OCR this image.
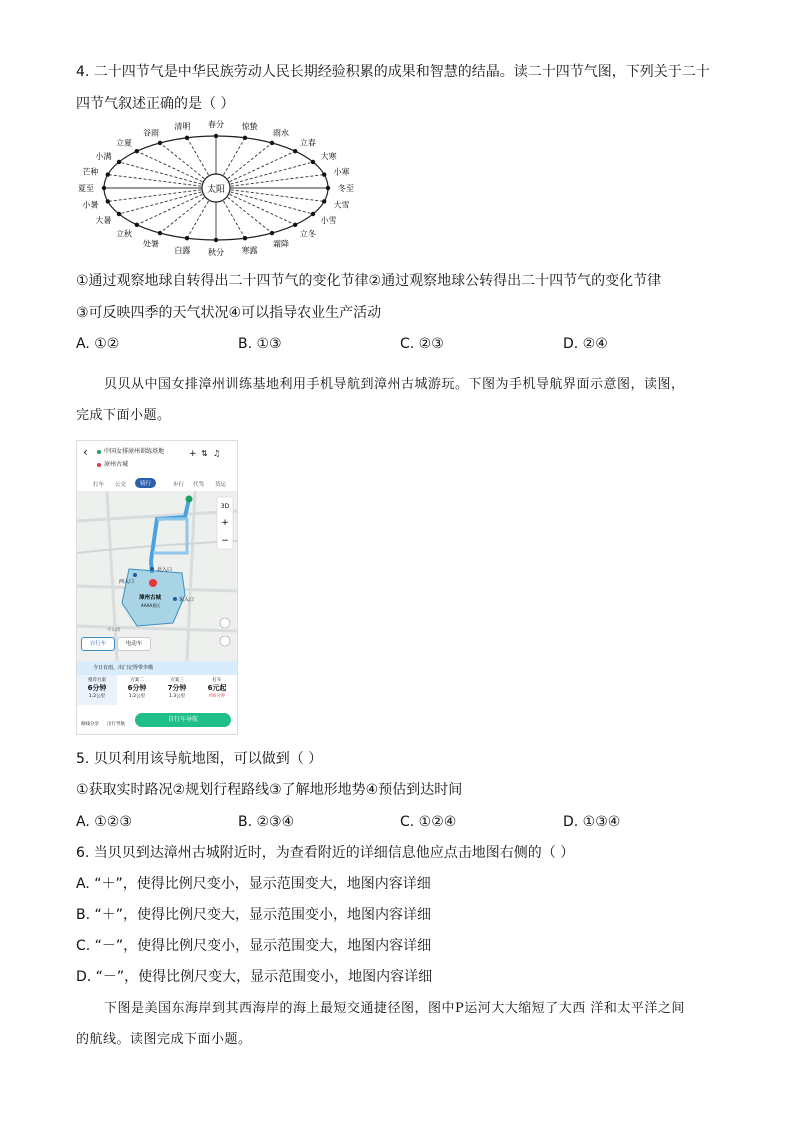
4. 二十四节气是中华民族劳动人民长期经验积累的成果和智慧的结晶。读二十四节气图，下列关于二十
四节气叙述正确的是（ ）
太阳
春分 惊蛰
雨水
立春
大寒
小寒
冬至
大雪
小雪
立冬
霜降
寒露
秋分
白露
处暑
立秋
大暑
小暑
夏至
芒种
小满
立夏
谷雨
清明
①通过观察地球自转得出二十四节气的变化节律②通过观察地球公转得出二十四节气的变化节律
③可反映四季的天气状况④可以指导农业生产活动
A. ①②	B. ①③	C. ②③	D. ②④
贝贝从中国女排漳州训练基地利用手机导航到漳州古城游玩。下图为手机导航界面示意图，读图，
完成下面小题。
‹	中国女排漳州训练基地
漳州古城
+ ⇅ ♫
打车 公交	骑行	步行 代驾 货运
北入口
西入口
东入口
漳州古城
AAAA景区
中山街
3D
+
−
自行车	电动车
今日有雨，出门记得带伞哦
推荐方案
6分钟
1.2公里
方案二
6分钟
1.2公里
方案三
7分钟
1.3公里
打车
6元起
约6分钟
路线分享 出行导航
自行车导航
5. 贝贝利用该导航地图，可以做到（ ）
①获取实时路况②规划行程路线③了解地形地势④预估到达时间
A. ①②③	B. ②③④	C. ①②④	D. ①③④
6. 当贝贝到达漳州古城附近时，为查看附近的详细信息他应点击地图右侧的（ ）
A. “＋”，使得比例尺变小，显示范围变大，地图内容详细
B. “＋”，使得比例尺变大，显示范围变小，地图内容详细
C. “－”，使得比例尺变小，显示范围变大，地图内容详细
D. “－”，使得比例尺变大，显示范围变小，地图内容详细
下图是美国东海岸到其西海岸的海上最短交通捷径图，图中P运河大大缩短了大西 洋和太平洋之间
的航线。读图完成下面小题。
